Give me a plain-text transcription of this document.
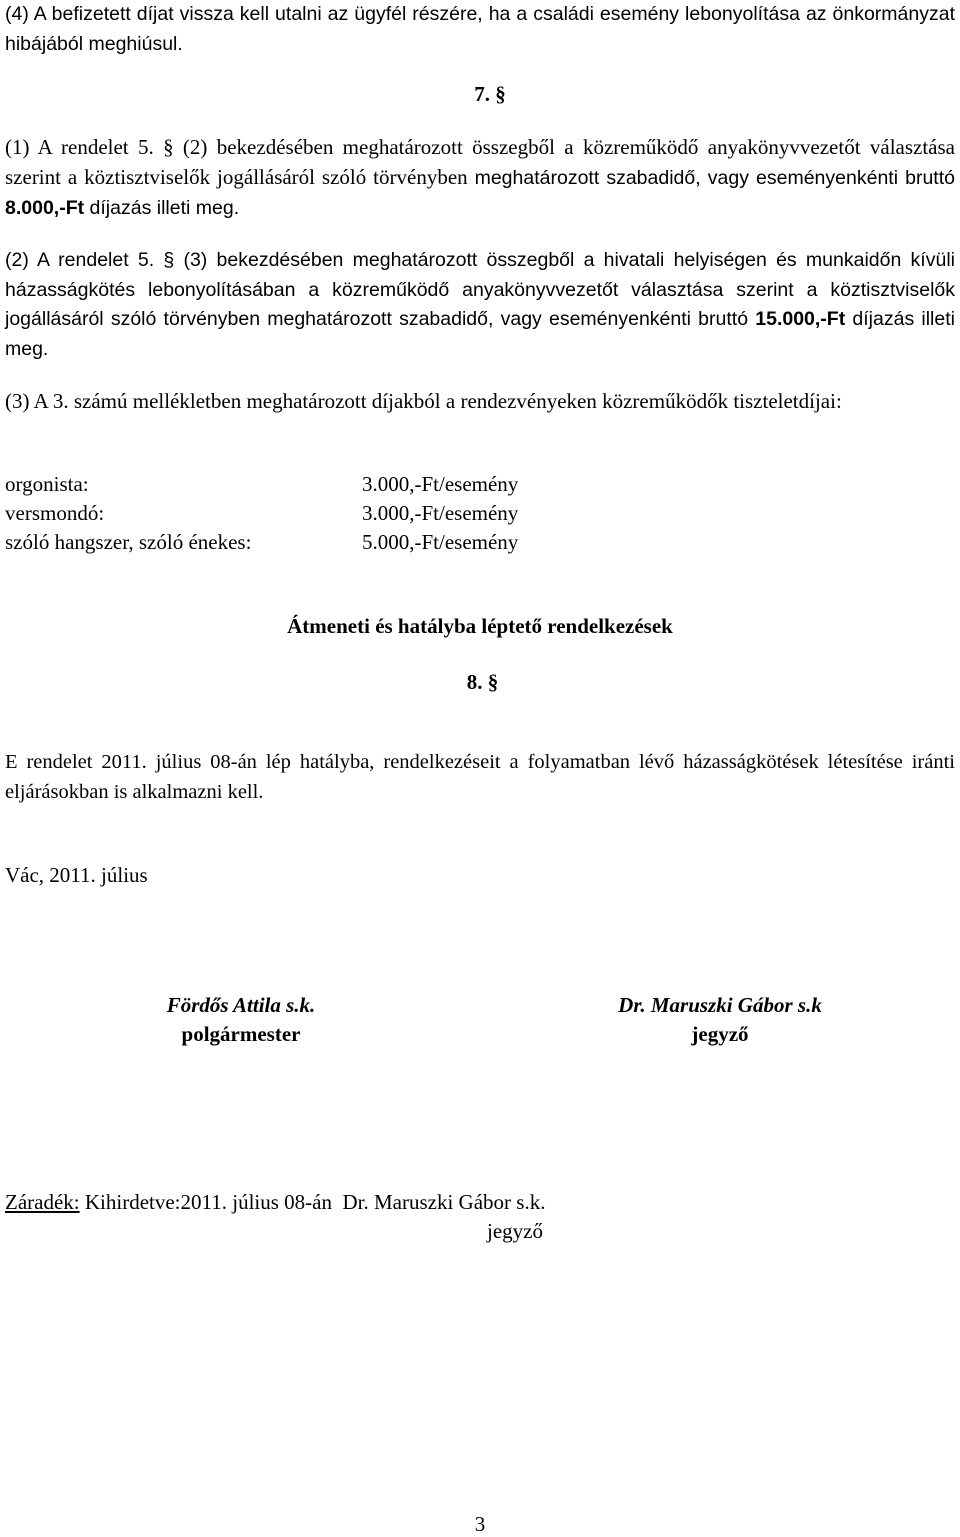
(4) A befizetett díjat vissza kell utalni az ügyfél részére, ha a családi esemény lebonyolítása az önkormányzat hibájából meghiúsul.

7. §

(1) A rendelet 5. § (2) bekezdésében meghatározott összegből a közreműködő anyakönyvvezetőt választása szerint a köztisztviselők jogállásáról szóló törvényben meghatározott szabadidő, vagy eseményenkénti bruttó 8.000,-Ft díjazás illeti meg.

(2) A rendelet 5. § (3) bekezdésében meghatározott összegből a hivatali helyiségen és munkaidőn kívüli házasságkötés lebonyolításában a közreműködő anyakönyvvezetőt választása szerint a köztisztviselők jogállásáról szóló törvényben meghatározott szabadidő, vagy eseményenkénti bruttó 15.000,-Ft díjazás illeti meg.

(3) A 3. számú mellékletben meghatározott díjakból a rendezvényeken közreműködők tiszteletdíjai:

orgonista:	3.000,-Ft/esemény
versmondó:	3.000,-Ft/esemény
szóló hangszer, szóló énekes:	5.000,-Ft/esemény
Átmeneti és hatályba léptető rendelkezések
8. §

E rendelet 2011. július 08-án lép hatályba, rendelkezéseit a folyamatban lévő házasságkötések létesítése iránti eljárásokban is alkalmazni kell.

Vác, 2011. július
Fördős Attila s.k.
polgármester
Dr. Maruszki Gábor s.k
jegyző
Záradék: Kihirdetve:2011. július 08-án  Dr. Maruszki Gábor s.k.
jegyző
3
